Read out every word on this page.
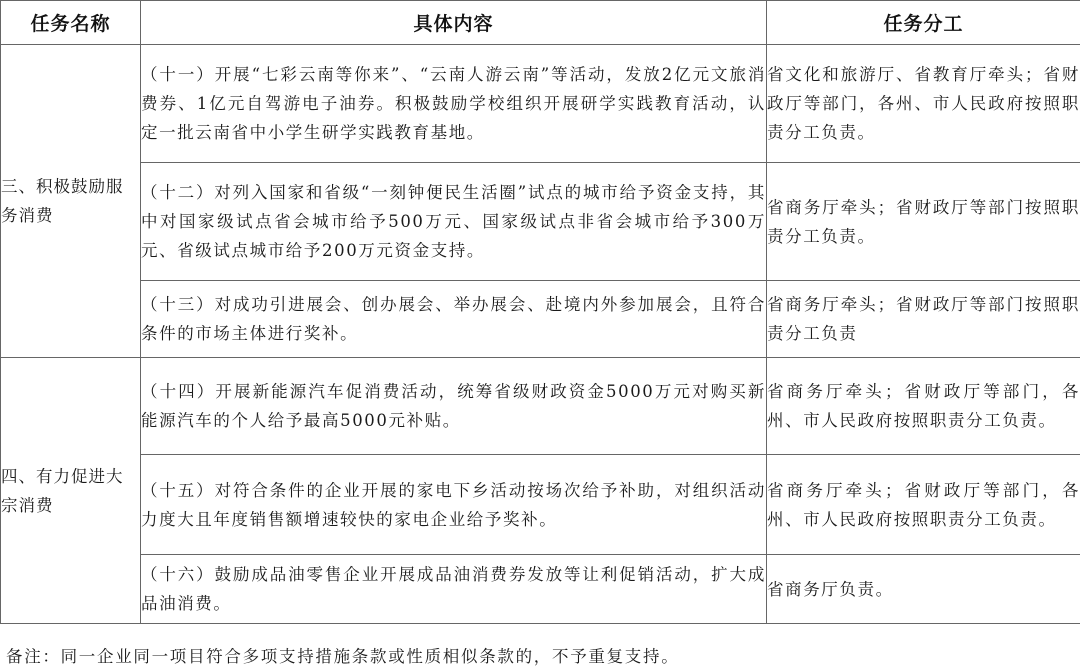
任务名称	具体内容	任务分工
三、积极鼓励服务消费	（十一）开展“七彩云南等你来”、“云南人游云南”等活动，发放2亿元文旅消费券、1亿元自驾游电子油券。积极鼓励学校组织开展研学实践教育活动，认定一批云南省中小学生研学实践教育基地。	省文化和旅游厅、省教育厅牵头；省财政厅等部门，各州、市人民政府按照职责分工负责。
	（十二）对列入国家和省级“一刻钟便民生活圈”试点的城市给予资金支持，其中对国家级试点省会城市给予500万元、国家级试点非省会城市给予300万元、省级试点城市给予200万元资金支持。	省商务厅牵头；省财政厅等部门按照职责分工负责。
	（十三）对成功引进展会、创办展会、举办展会、赴境内外参加展会，且符合条件的市场主体进行奖补。	省商务厅牵头；省财政厅等部门按照职责分工负责
四、有力促进大宗消费	（十四）开展新能源汽车促消费活动，统筹省级财政资金5000万元对购买新能源汽车的个人给予最高5000元补贴。	省商务厅牵头；省财政厅等部门，各州、市人民政府按照职责分工负责。
	（十五）对符合条件的企业开展的家电下乡活动按场次给予补助，对组织活动力度大且年度销售额增速较快的家电企业给予奖补。	省商务厅牵头；省财政厅等部门，各州、市人民政府按照职责分工负责。
	（十六）鼓励成品油零售企业开展成品油消费券发放等让利促销活动，扩大成品油消费。	省商务厅负责。
备注：同一企业同一项目符合多项支持措施条款或性质相似条款的，不予重复支持。
